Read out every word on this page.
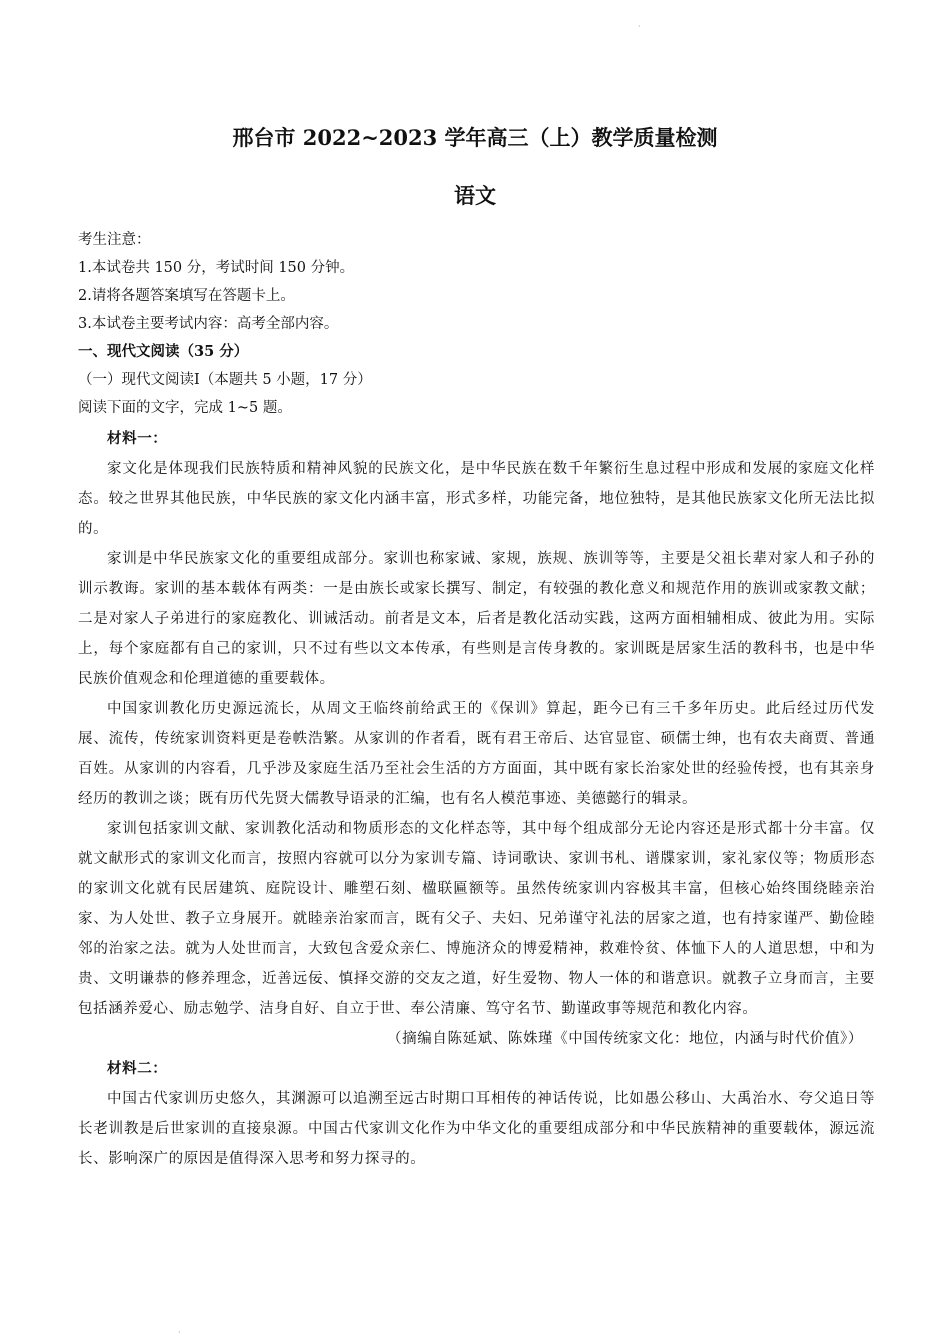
·
邢台市 2022~2023 学年高三（上）教学质量检测
语文
考生注意：
1.本试卷共 150 分，考试时间 150 分钟。
2.请将各题答案填写在答题卡上。
3.本试卷主要考试内容：高考全部内容。
一、现代文阅读（35 分）
（一）现代文阅读Ⅰ（本题共 5 小题，17 分）
阅读下面的文字，完成 1~5 题。

材料一：

家文化是体现我们民族特质和精神风貌的民族文化，是中华民族在数千年繁衍生息过程中形成和发展的家庭文化样态。较之世界其他民族，中华民族的家文化内涵丰富，形式多样，功能完备，地位独特，是其他民族家文化所无法比拟的。

家训是中华民族家文化的重要组成部分。家训也称家诫、家规，族规、族训等等，主要是父祖长辈对家人和子孙的训示教诲。家训的基本载体有两类：一是由族长或家长撰写、制定，有较强的教化意义和规范作用的族训或家教文献；二是对家人子弟进行的家庭教化、训诫活动。前者是文本，后者是教化活动实践，这两方面相辅相成、彼此为用。实际上，每个家庭都有自己的家训，只不过有些以文本传承，有些则是言传身教的。家训既是居家生活的教科书，也是中华民族价值观念和伦理道德的重要载体。

中国家训教化历史源远流长，从周文王临终前给武王的《保训》算起，距今已有三千多年历史。此后经过历代发展、流传，传统家训资料更是卷帙浩繁。从家训的作者看，既有君王帝后、达官显宦、硕儒士绅，也有农夫商贾、普通百姓。从家训的内容看，几乎涉及家庭生活乃至社会生活的方方面面，其中既有家长治家处世的经验传授，也有其亲身经历的教训之谈；既有历代先贤大儒教导语录的汇编，也有名人模范事迹、美德懿行的辑录。

家训包括家训文献、家训教化活动和物质形态的文化样态等，其中每个组成部分无论内容还是形式都十分丰富。仅就文献形式的家训文化而言，按照内容就可以分为家训专篇、诗词歌诀、家训书札、谱牒家训，家礼家仪等；物质形态的家训文化就有民居建筑、庭院设计、雕塑石刻、楹联匾额等。虽然传统家训内容极其丰富，但核心始终围绕睦亲治家、为人处世、教子立身展开。就睦亲治家而言，既有父子、夫妇、兄弟谨守礼法的居家之道，也有持家谨严、勤俭睦邻的治家之法。就为人处世而言，大致包含爱众亲仁、博施济众的博爱精神，救难怜贫、体恤下人的人道思想，中和为贵、文明谦恭的修养理念，近善远佞、慎择交游的交友之道，好生爱物、物人一体的和谐意识。就教子立身而言，主要包括涵养爱心、励志勉学、洁身自好、自立于世、奉公清廉、笃守名节、勤谨政事等规范和教化内容。

（摘编自陈延斌、陈姝瑾《中国传统家文化：地位，内涵与时代价值》）

材料二：

中国古代家训历史悠久，其渊源可以追溯至远古时期口耳相传的神话传说，比如愚公移山、大禹治水、夸父追日等长老训教是后世家训的直接泉源。中国古代家训文化作为中华文化的重要组成部分和中华民族精神的重要载体，源远流长、影响深广的原因是值得深入思考和努力探寻的。

·
